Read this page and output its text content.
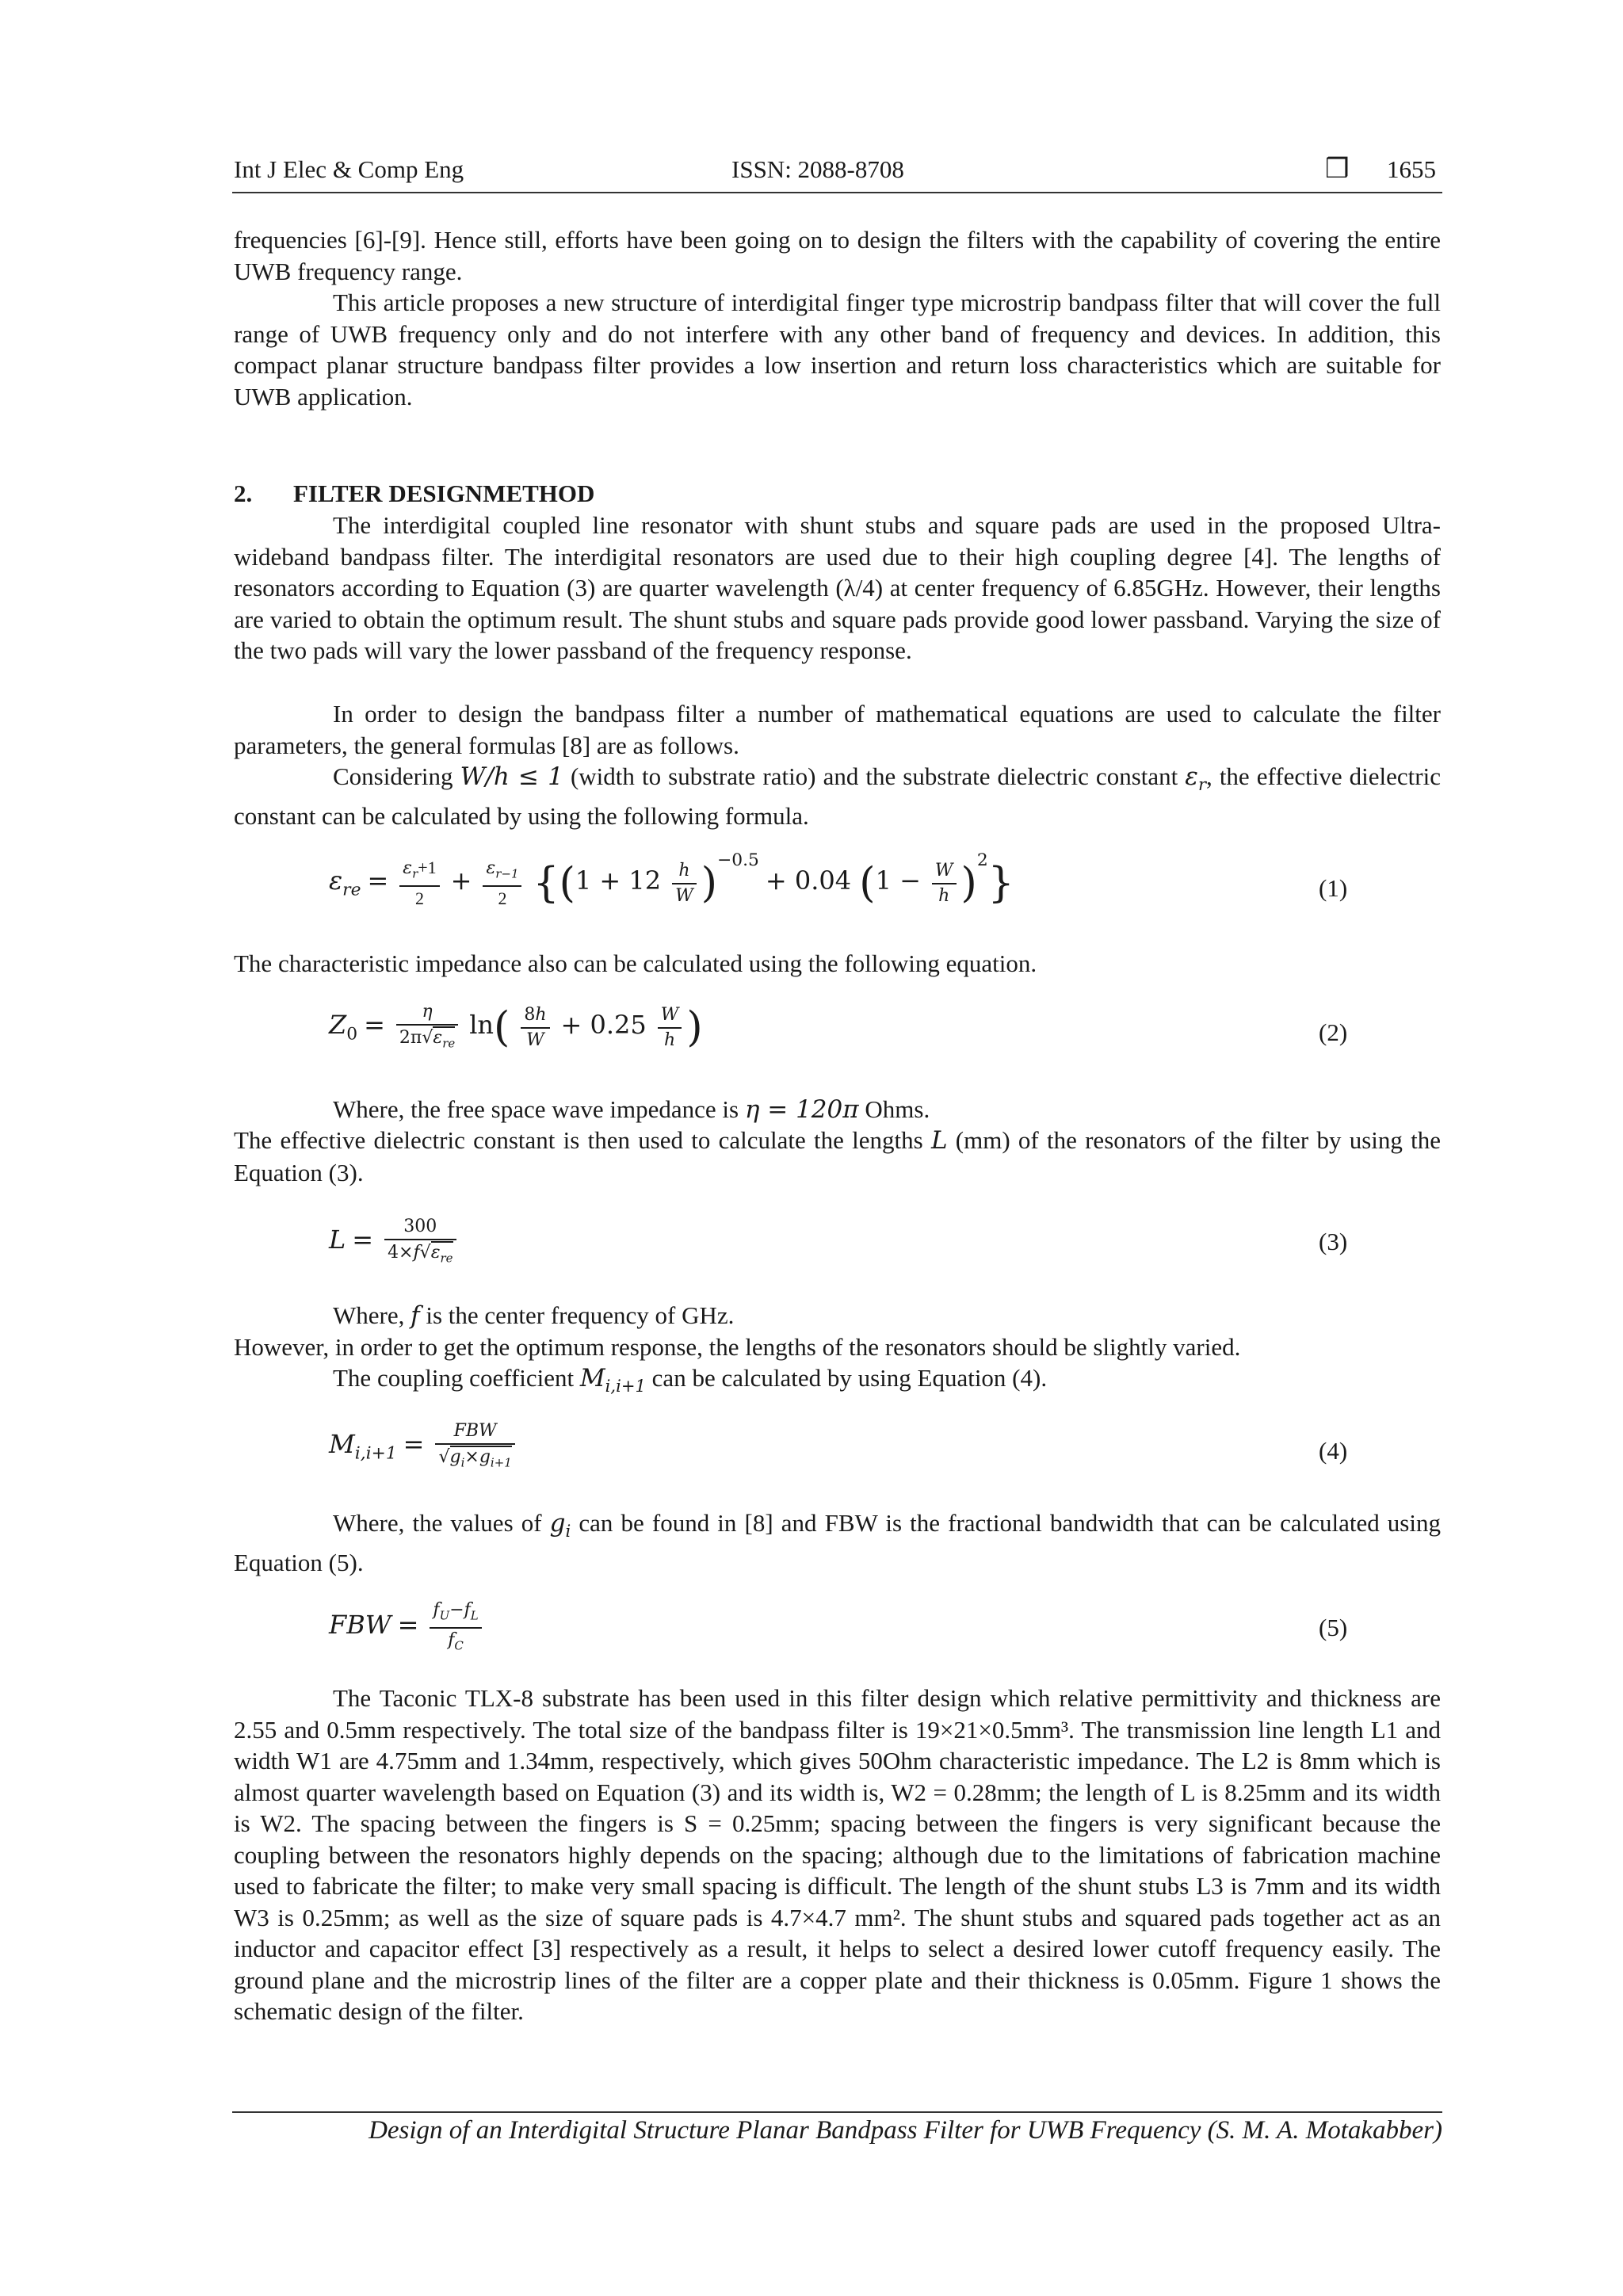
Int J Elec & Comp Eng	ISSN: 2088-8708	❒ 1655
frequencies [6]-[9]. Hence still, efforts have been going on to design the filters with the capability of covering the entire UWB frequency range.
This article proposes a new structure of interdigital finger type microstrip bandpass filter that will cover the full range of UWB frequency only and do not interfere with any other band of frequency and devices. In addition, this compact planar structure bandpass filter provides a low insertion and return loss characteristics which are suitable for UWB application.
2. FILTER DESIGNMETHOD
The interdigital coupled line resonator with shunt stubs and square pads are used in the proposed Ultra-wideband bandpass filter. The interdigital resonators are used due to their high coupling degree [4]. The lengths of resonators according to Equation (3) are quarter wavelength (λ/4) at center frequency of 6.85GHz. However, their lengths are varied to obtain the optimum result. The shunt stubs and square pads provide good lower passband. Varying the size of the two pads will vary the lower passband of the frequency response.
In order to design the bandpass filter a number of mathematical equations are used to calculate the filter parameters, the general formulas [8] are as follows.
Considering W/h ≤ 1 (width to substrate ratio) and the substrate dielectric constant $\varepsilon_r$, the effective dielectric constant can be calculated by using the following formula.
$\varepsilon_{re} = \frac{\varepsilon_r+1}{2} + \frac{\varepsilon_{r-1}}{2} \{(1 + 12 \frac{h}{W} )^{-0.5} + 0.04$ $(1 - \frac{W}{h} )^2$}	(1)
The characteristic impedance also can be calculated using the following equation.
$Z_0 = \frac{\eta}{2\pi√\varepsilon_{re}} \ln( \frac{8h}{W} + 0.25 \frac{W}{h}$ )	(2)
Where, the free space wave impedance is η = 120π Ohms.
The effective dielectric constant is then used to calculate the lengths L (mm) of the resonators of the filter by using the Equation (3).
$L = \frac{300}{4\times f√\varepsilon_{re}}$	(3)
Where, f is the center frequency of GHz.
However, in order to get the optimum response, the lengths of the resonators should be slightly varied.
The coupling coefficient $M_{i,i+1}$ can be calculated by using Equation (4).
$M_{i,i+1} = \frac{\text{FBW}}{√g_i\times g_{i+1}}$	(4)
Where, the values of $g_i$ can be found in [8] and FBW is the fractional bandwidth that can be calculated using Equation (5).
FBW = $\frac{f_U-f_L}{f_C}$	(5)
The Taconic TLX-8 substrate has been used in this filter design which relative permittivity and thickness are 2.55 and 0.5mm respectively. The total size of the bandpass filter is 19×21×0.5mm³. The transmission line length L1 and width W1 are 4.75mm and 1.34mm, respectively, which gives 50Ohm characteristic impedance. The L2 is 8mm which is almost quarter wavelength based on Equation (3) and its width is, W2 = 0.28mm; the length of L is 8.25mm and its width is W2. The spacing between the fingers is S = 0.25mm; spacing between the fingers is very significant because the coupling between the resonators highly depends on the spacing; although due to the limitations of fabrication machine used to fabricate the filter; to make very small spacing is difficult. The length of the shunt stubs L3 is 7mm and its width W3 is 0.25mm; as well as the size of square pads is 4.7×4.7 mm². The shunt stubs and squared pads together act as an inductor and capacitor effect [3] respectively as a result, it helps to select a desired lower cutoff frequency easily. The ground plane and the microstrip lines of the filter are a copper plate and their thickness is 0.05mm. Figure 1 shows the schematic design of the filter.
Design of an Interdigital Structure Planar Bandpass Filter for UWB Frequency (S. M. A. Motakabber)
